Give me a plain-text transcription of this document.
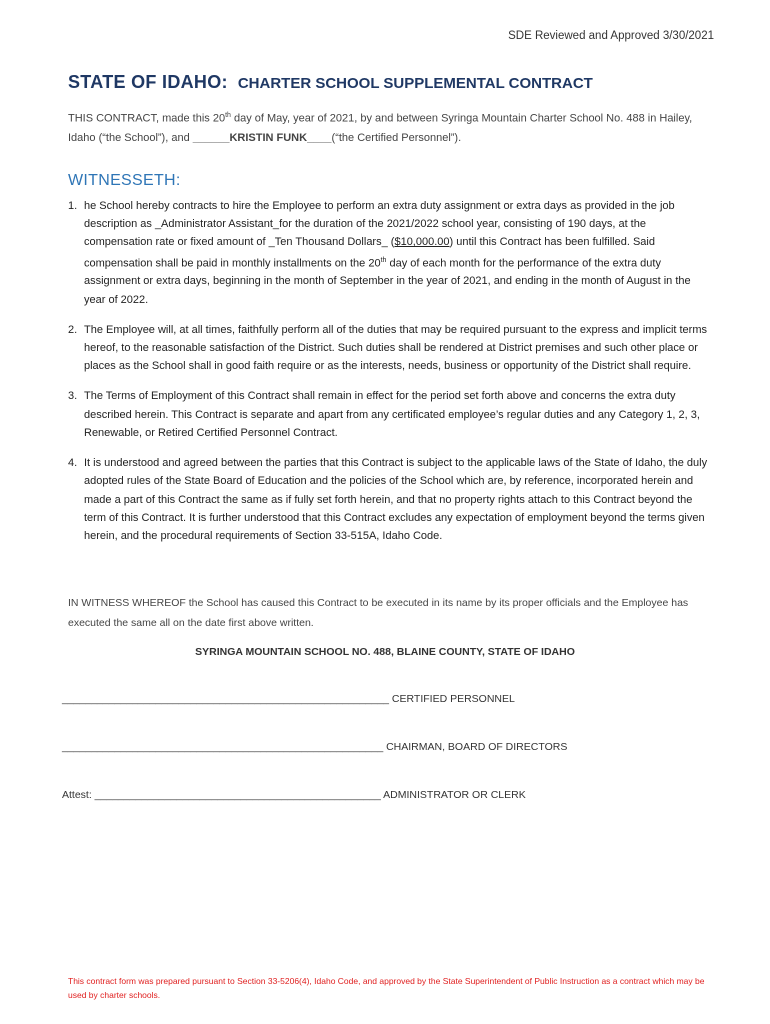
SDE Reviewed and Approved 3/30/2021
STATE OF IDAHO: CHARTER SCHOOL SUPPLEMENTAL CONTRACT
THIS CONTRACT, made this 20th day of May, year of 2021, by and between Syringa Mountain Charter School No. 488 in Hailey, Idaho (“the School”), and ______KRISTIN FUNK____(“the Certified Personnel”).
WITNESSETH:
1. he School hereby contracts to hire the Employee to perform an extra duty assignment or extra days as provided in the job description as _Administrator Assistant_for the duration of the 2021/2022 school year, consisting of 190 days, at the compensation rate or fixed amount of _Ten Thousand Dollars_ ($10,000.00) until this Contract has been fulfilled. Said compensation shall be paid in monthly installments on the 20th day of each month for the performance of the extra duty assignment or extra days, beginning in the month of September in the year of 2021, and ending in the month of August in the year of 2022.
2. The Employee will, at all times, faithfully perform all of the duties that may be required pursuant to the express and implicit terms hereof, to the reasonable satisfaction of the District. Such duties shall be rendered at District premises and such other place or places as the School shall in good faith require or as the interests, needs, business or opportunity of the District shall require.
3. The Terms of Employment of this Contract shall remain in effect for the period set forth above and concerns the extra duty described herein. This Contract is separate and apart from any certificated employee’s regular duties and any Category 1, 2, 3, Renewable, or Retired Certified Personnel Contract.
4. It is understood and agreed between the parties that this Contract is subject to the applicable laws of the State of Idaho, the duly adopted rules of the State Board of Education and the policies of the School which are, by reference, incorporated herein and made a part of this Contract the same as if fully set forth herein, and that no property rights attach to this Contract beyond the term of this Contract. It is further understood that this Contract excludes any expectation of employment beyond the terms given herein, and the procedural requirements of Section 33-515A, Idaho Code.
IN WITNESS WHEREOF the School has caused this Contract to be executed in its name by its proper officials and the Employee has executed the same all on the date first above written.
SYRINGA MOUNTAIN SCHOOL NO. 488, BLAINE COUNTY, STATE OF IDAHO
________________________________________________________ CERTIFIED PERSONNEL
_______________________________________________________ CHAIRMAN, BOARD OF DIRECTORS
Attest: _________________________________________________ ADMINISTRATOR OR CLERK
This contract form was prepared pursuant to Section 33-5206(4), Idaho Code, and approved by the State Superintendent of Public Instruction as a contract which may be used by charter schools.
